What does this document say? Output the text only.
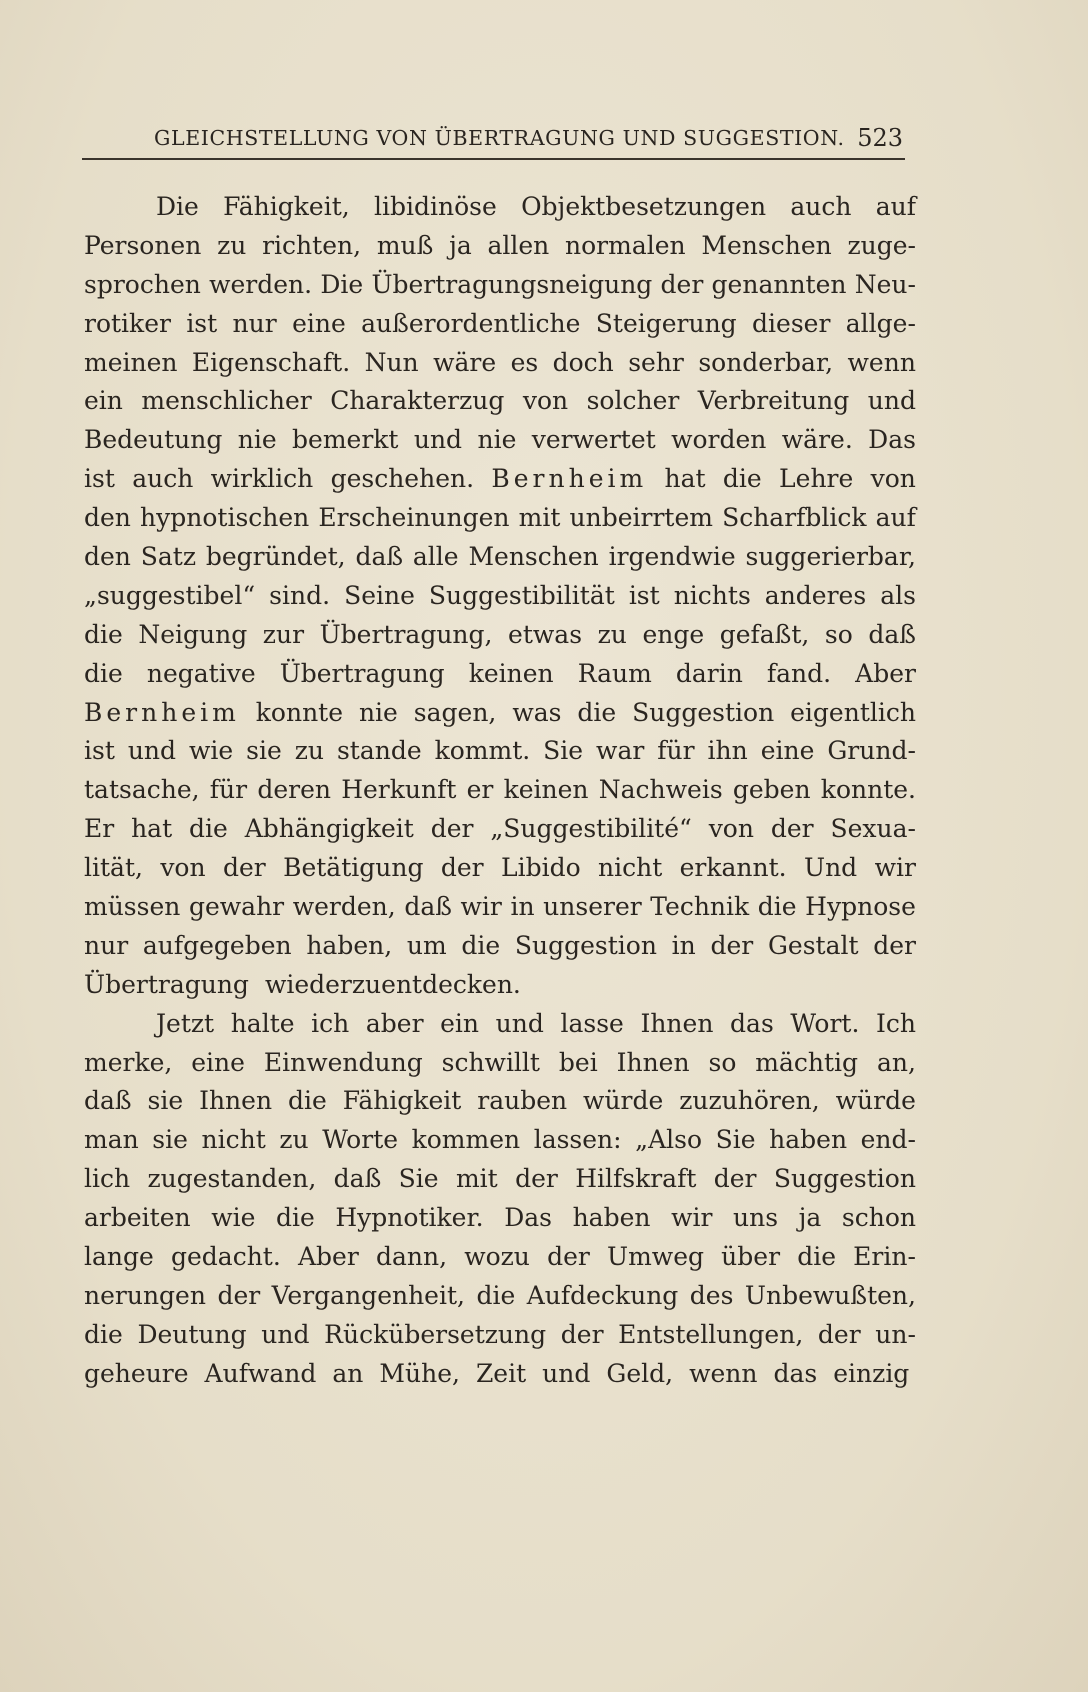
GLEICHSTELLUNG VON ÜBERTRAGUNG UND SUGGESTION. 523
Die Fähigkeit, libidinöse Objektbesetzungen auch auf
Personen zu richten, muß ja allen normalen Menschen zuge-
sprochen werden. Die Übertragungsneigung der genannten Neu-
rotiker ist nur eine außerordentliche Steigerung dieser allge-
meinen Eigenschaft. Nun wäre es doch sehr sonderbar, wenn
ein menschlicher Charakterzug von solcher Verbreitung und
Bedeutung nie bemerkt und nie verwertet worden wäre. Das
ist auch wirklich geschehen. Bernheim hat die Lehre von
den hypnotischen Erscheinungen mit unbeirrtem Scharfblick auf
den Satz begründet, daß alle Menschen irgendwie suggerierbar,
„suggestibel“ sind. Seine Suggestibilität ist nichts anderes als
die Neigung zur Übertragung, etwas zu enge gefaßt, so daß
die negative Übertragung keinen Raum darin fand. Aber
Bernheim konnte nie sagen, was die Suggestion eigentlich
ist und wie sie zu stande kommt. Sie war für ihn eine Grund-
tatsache, für deren Herkunft er keinen Nachweis geben konnte.
Er hat die Abhängigkeit der „Suggestibilité“ von der Sexua-
lität, von der Betätigung der Libido nicht erkannt. Und wir
müssen gewahr werden, daß wir in unserer Technik die Hypnose
nur aufgegeben haben, um die Suggestion in der Gestalt der
Übertragung wiederzuentdecken.
Jetzt halte ich aber ein und lasse Ihnen das Wort. Ich
merke, eine Einwendung schwillt bei Ihnen so mächtig an,
daß sie Ihnen die Fähigkeit rauben würde zuzuhören, würde
man sie nicht zu Worte kommen lassen: „Also Sie haben end-
lich zugestanden, daß Sie mit der Hilfskraft der Suggestion
arbeiten wie die Hypnotiker. Das haben wir uns ja schon
lange gedacht. Aber dann, wozu der Umweg über die Erin-
nerungen der Vergangenheit, die Aufdeckung des Unbewußten,
die Deutung und Rückübersetzung der Entstellungen, der un-
geheure Aufwand an Mühe, Zeit und Geld, wenn das einzig
